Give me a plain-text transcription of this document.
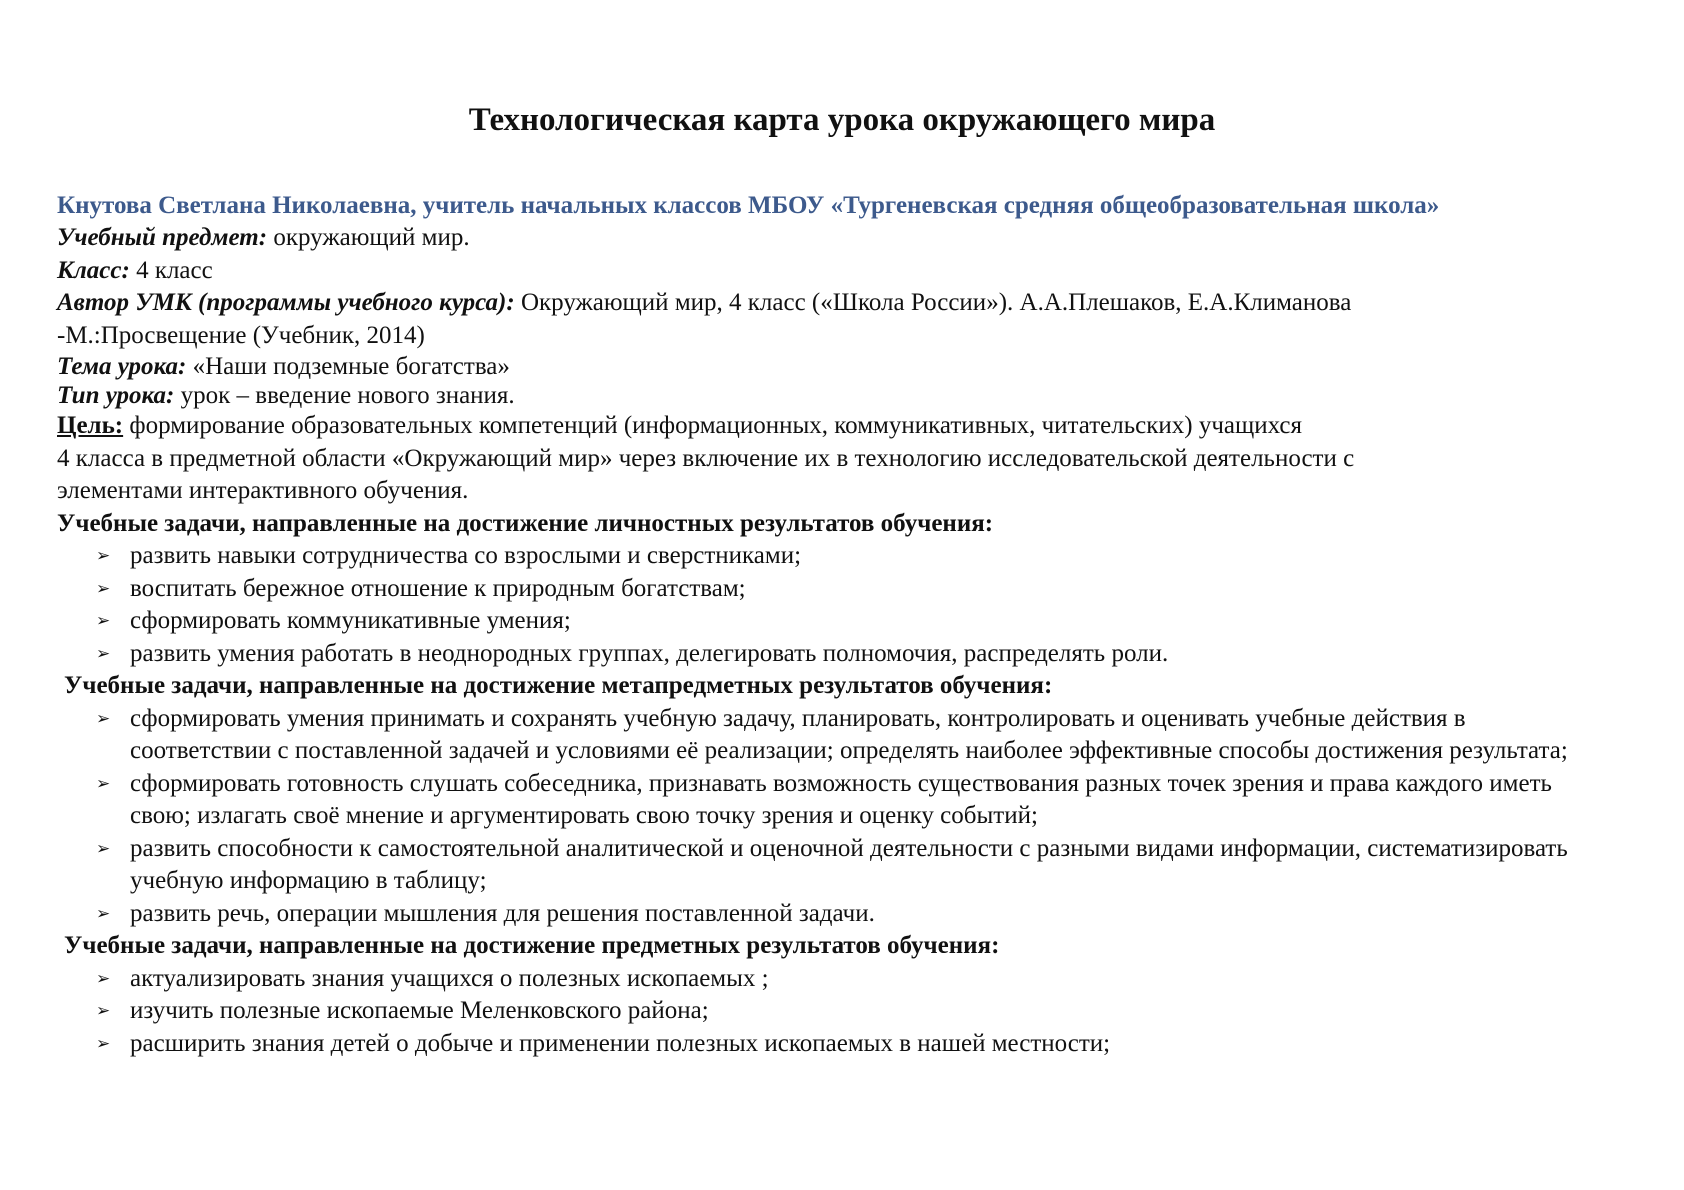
Технологическая карта урока окружающего мира

Кнутова Светлана Николаевна, учитель начальных классов МБОУ «Тургеневская средняя общеобразовательная школа»

Учебный предмет: окружающий мир.

Класс: 4 класс

Автор УМК (программы учебного курса): Окружающий мир, 4 класс («Школа России»). А.А.Плешаков, Е.А.Климанова

-М.:Просвещение (Учебник, 2014)

Тема урока: «Наши подземные богатства»

Тип урока: урок – введение нового знания.

Цель: формирование образовательных компетенций (информационных, коммуникативных, читательских) учащихся

4 класса в предметной области «Окружающий мир» через включение их в технологию исследовательской деятельности с

элементами интерактивного обучения.

Учебные задачи, направленные на достижение личностных результатов обучения:

➢ развить навыки сотрудничества со взрослыми и сверстниками;
➢ воспитать бережное отношение к природным богатствам;
➢ сформировать коммуникативные умения;
➢ развить умения работать в неоднородных группах, делегировать полномочия, распределять роли.

Учебные задачи, направленные на достижение метапредметных результатов обучения:

➢ сформировать умения принимать и сохранять учебную задачу, планировать, контролировать и оценивать учебные действия в соответствии с поставленной задачей и условиями её реализации; определять наиболее эффективные способы достижения результата;
➢ сформировать готовность слушать собеседника, признавать возможность существования разных точек зрения и права каждого иметь свою; излагать своё мнение и аргументировать свою точку зрения и оценку событий;
➢ развить способности к самостоятельной аналитической и оценочной деятельности с разными видами информации, систематизировать учебную информацию в таблицу;
➢ развить речь, операции мышления для решения поставленной задачи.

Учебные задачи, направленные на достижение предметных результатов обучения:

➢ актуализировать знания учащихся о полезных ископаемых ;
➢ изучить полезные ископаемые Меленковского района;
➢ расширить знания детей о добыче и применении полезных ископаемых в нашей местности;
